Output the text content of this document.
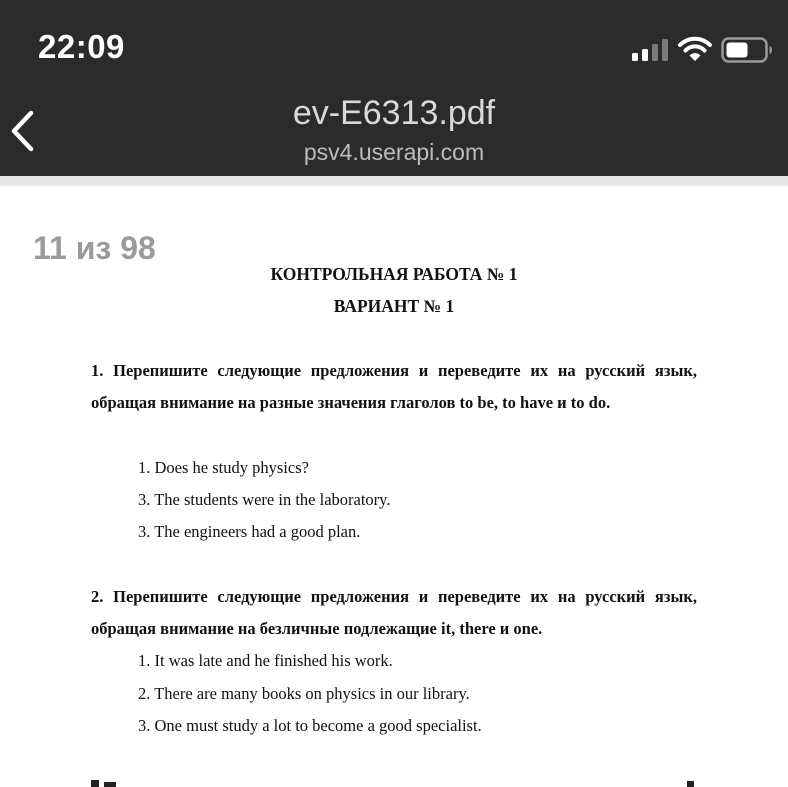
КОНТРОЛЬНАЯ РАБОТА № 1
ВАРИАНТ № 1
1. Перепишите следующие предложения и переведите их на русский язык, обращая внимание на разные значения глаголов to be, to have и to do.
1. Does he study physics?
3. The students were in the laboratory.
3. The engineers had a good plan.
2. Перепишите следующие предложения и переведите их на русский язык, обращая внимание на безличные подлежащие it, there и one.
1. It was late and he finished his work.
2. There are many books on physics in our library.
3. One must study a lot to become a good specialist.
11 из 98
22:09
ev-E6313.pdf
psv4.userapi.com
